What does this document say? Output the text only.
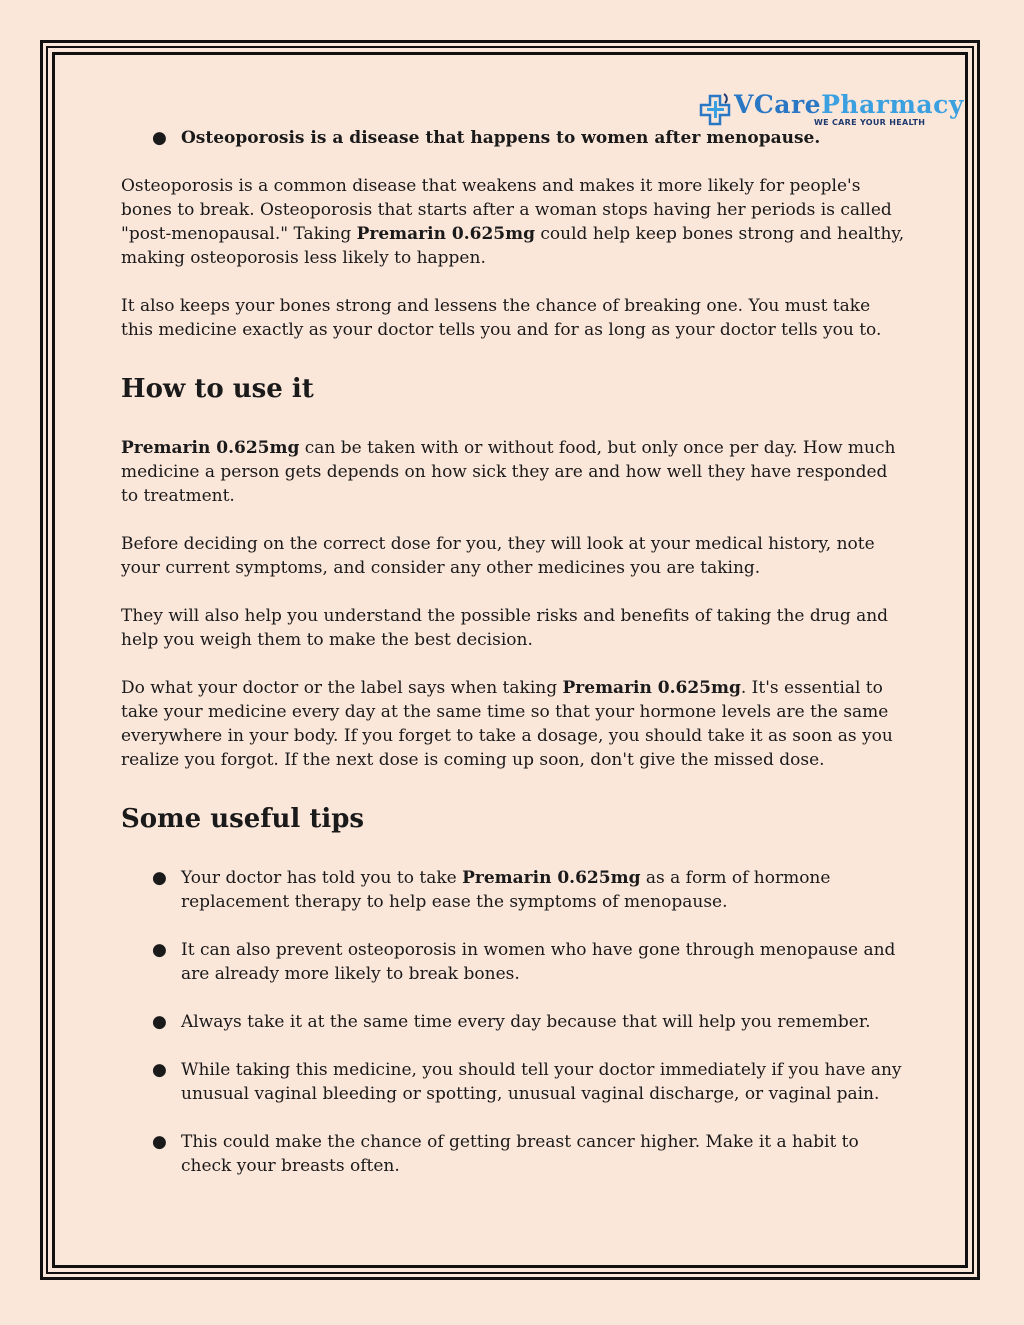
VCarePharmacy
WE CARE YOUR HEALTH
● Osteoporosis is a disease that happens to women after menopause.

Osteoporosis is a common disease that weakens and makes it more likely for people's bones to break. Osteoporosis that starts after a woman stops having her periods is called "post-menopausal." Taking Premarin 0.625mg could help keep bones strong and healthy, making osteoporosis less likely to happen.

It also keeps your bones strong and lessens the chance of breaking one. You must take this medicine exactly as your doctor tells you and for as long as your doctor tells you to.

How to use it

Premarin 0.625mg can be taken with or without food, but only once per day. How much medicine a person gets depends on how sick they are and how well they have responded to treatment.

Before deciding on the correct dose for you, they will look at your medical history, note your current symptoms, and consider any other medicines you are taking.

They will also help you understand the possible risks and benefits of taking the drug and help you weigh them to make the best decision.

Do what your doctor or the label says when taking Premarin 0.625mg. It's essential to take your medicine every day at the same time so that your hormone levels are the same everywhere in your body. If you forget to take a dosage, you should take it as soon as you realize you forgot. If the next dose is coming up soon, don't give the missed dose.

Some useful tips
● Your doctor has told you to take Premarin 0.625mg as a form of hormone replacement therapy to help ease the symptoms of menopause.
● It can also prevent osteoporosis in women who have gone through menopause and are already more likely to break bones.
● Always take it at the same time every day because that will help you remember.
● While taking this medicine, you should tell your doctor immediately if you have any unusual vaginal bleeding or spotting, unusual vaginal discharge, or vaginal pain.
● This could make the chance of getting breast cancer higher. Make it a habit to check your breasts often.
